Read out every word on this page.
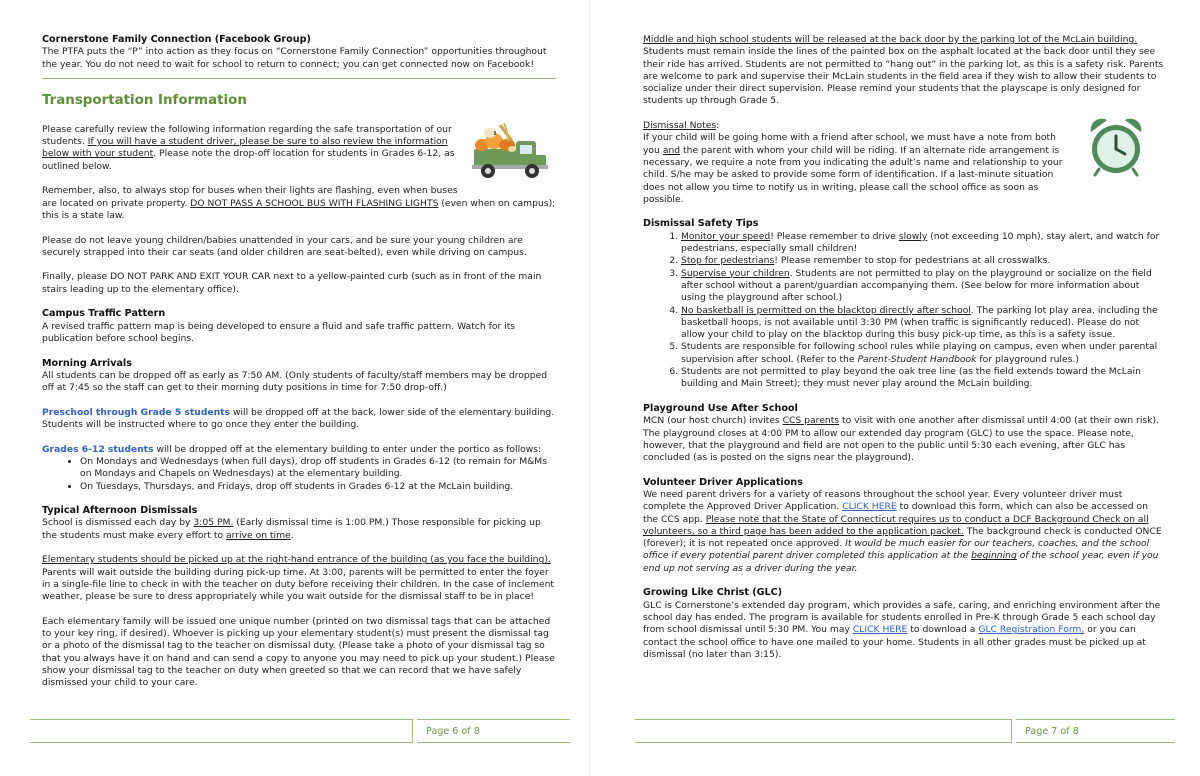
Cornerstone Family Connection (Facebook Group)

The PTFA puts the “P” into action as they focus on “Cornerstone Family Connection” opportunities throughout the year. You do not need to wait for school to return to connect; you can get connected now on Facebook!

Transportation Information

Please carefully review the following information regarding the safe transportation of our students. If you will have a student driver, please be sure to also review the information below with your student. Please note the drop-off location for students in Grades 6-12, as outlined below.

Remember, also, to always stop for buses when their lights are flashing, even when buses are located on private property. DO NOT PASS A SCHOOL BUS WITH FLASHING LIGHTS (even when on campus); this is a state law.

Please do not leave young children/babies unattended in your cars, and be sure your young children are securely strapped into their car seats (and older children are seat-belted), even while driving on campus.

Finally, please DO NOT PARK AND EXIT YOUR CAR next to a yellow-painted curb (such as in front of the main stairs leading up to the elementary office).

Campus Traffic Pattern

A revised traffic pattern map is being developed to ensure a fluid and safe traffic pattern. Watch for its publication before school begins.

Morning Arrivals

All students can be dropped off as early as 7:50 AM. (Only students of faculty/staff members may be dropped off at 7:45 so the staff can get to their morning duty positions in time for 7:50 drop-off.)

Preschool through Grade 5 students will be dropped off at the back, lower side of the elementary building. Students will be instructed where to go once they enter the building.

Grades 6-12 students will be dropped off at the elementary building to enter under the portico as follows:

• On Mondays and Wednesdays (when full days), drop off students in Grades 6-12 (to remain for M&Ms on Mondays and Chapels on Wednesdays) at the elementary building.
• On Tuesdays, Thursdays, and Fridays, drop off students in Grades 6-12 at the McLain building.
Typical Afternoon Dismissals

School is dismissed each day by 3:05 PM. (Early dismissal time is 1:00 PM.) Those responsible for picking up the students must make every effort to arrive on time.

Elementary students should be picked up at the right-hand entrance of the building (as you face the building). Parents will wait outside the building during pick-up time. At 3:00, parents will be permitted to enter the foyer in a single-file line to check in with the teacher on duty before receiving their children. In the case of inclement weather, please be sure to dress appropriately while you wait outside for the dismissal staff to be in place!

Each elementary family will be issued one unique number (printed on two dismissal tags that can be attached to your key ring, if desired). Whoever is picking up your elementary student(s) must present the dismissal tag or a photo of the dismissal tag to the teacher on dismissal duty. (Please take a photo of your dismissal tag so that you always have it on hand and can send a copy to anyone you may need to pick up your student.) Please show your dismissal tag to the teacher on duty when greeted so that we can record that we have safely dismissed your child to your care.

Page 6 of 8

Middle and high school students will be released at the back door by the parking lot of the McLain building. Students must remain inside the lines of the painted box on the asphalt located at the back door until they see their ride has arrived. Students are not permitted to “hang out” in the parking lot, as this is a safety risk. Parents are welcome to park and supervise their McLain students in the field area if they wish to allow their students to socialize under their direct supervision. Please remind your students that the playscape is only designed for students up through Grade 5.

Dismissal Notes:

If your child will be going home with a friend after school, we must have a note from both you and the parent with whom your child will be riding. If an alternate ride arrangement is necessary, we require a note from you indicating the adult’s name and relationship to your child. S/he may be asked to provide some form of identification. If a last-minute situation does not allow you time to notify us in writing, please call the school office as soon as possible.

Dismissal Safety Tips
1. Monitor your speed! Please remember to drive slowly (not exceeding 10 mph), stay alert, and watch for pedestrians, especially small children!
2. Stop for pedestrians! Please remember to stop for pedestrians at all crosswalks.
3. Supervise your children. Students are not permitted to play on the playground or socialize on the field after school without a parent/guardian accompanying them. (See below for more information about using the playground after school.)
4. No basketball is permitted on the blacktop directly after school. The parking lot play area, including the basketball hoops, is not available until 3:30 PM (when traffic is significantly reduced). Please do not allow your child to play on the blacktop during this busy pick-up time, as this is a safety issue.
5. Students are responsible for following school rules while playing on campus, even when under parental supervision after school. (Refer to the Parent-Student Handbook for playground rules.)
6. Students are not permitted to play beyond the oak tree line (as the field extends toward the McLain building and Main Street); they must never play around the McLain building.
Playground Use After School

MCN (our host church) invites CCS parents to visit with one another after dismissal until 4:00 (at their own risk). The playground closes at 4:00 PM to allow our extended day program (GLC) to use the space. Please note, however, that the playground and field are not open to the public until 5:30 each evening, after GLC has concluded (as is posted on the signs near the playground).

Volunteer Driver Applications

We need parent drivers for a variety of reasons throughout the school year. Every volunteer driver must complete the Approved Driver Application. CLICK HERE to download this form, which can also be accessed on the CCS app. Please note that the State of Connecticut requires us to conduct a DCF Background Check on all volunteers, so a third page has been added to the application packet. The background check is conducted ONCE (forever); it is not repeated once approved. It would be much easier for our teachers, coaches, and the school office if every potential parent driver completed this application at the beginning of the school year, even if you end up not serving as a driver during the year.

Growing Like Christ (GLC)

GLC is Cornerstone’s extended day program, which provides a safe, caring, and enriching environment after the school day has ended. The program is available for students enrolled in Pre-K through Grade 5 each school day from school dismissal until 5:30 PM. You may CLICK HERE to download a GLC Registration Form, or you can contact the school office to have one mailed to your home. Students in all other grades must be picked up at dismissal (no later than 3:15).

Page 7 of 8
